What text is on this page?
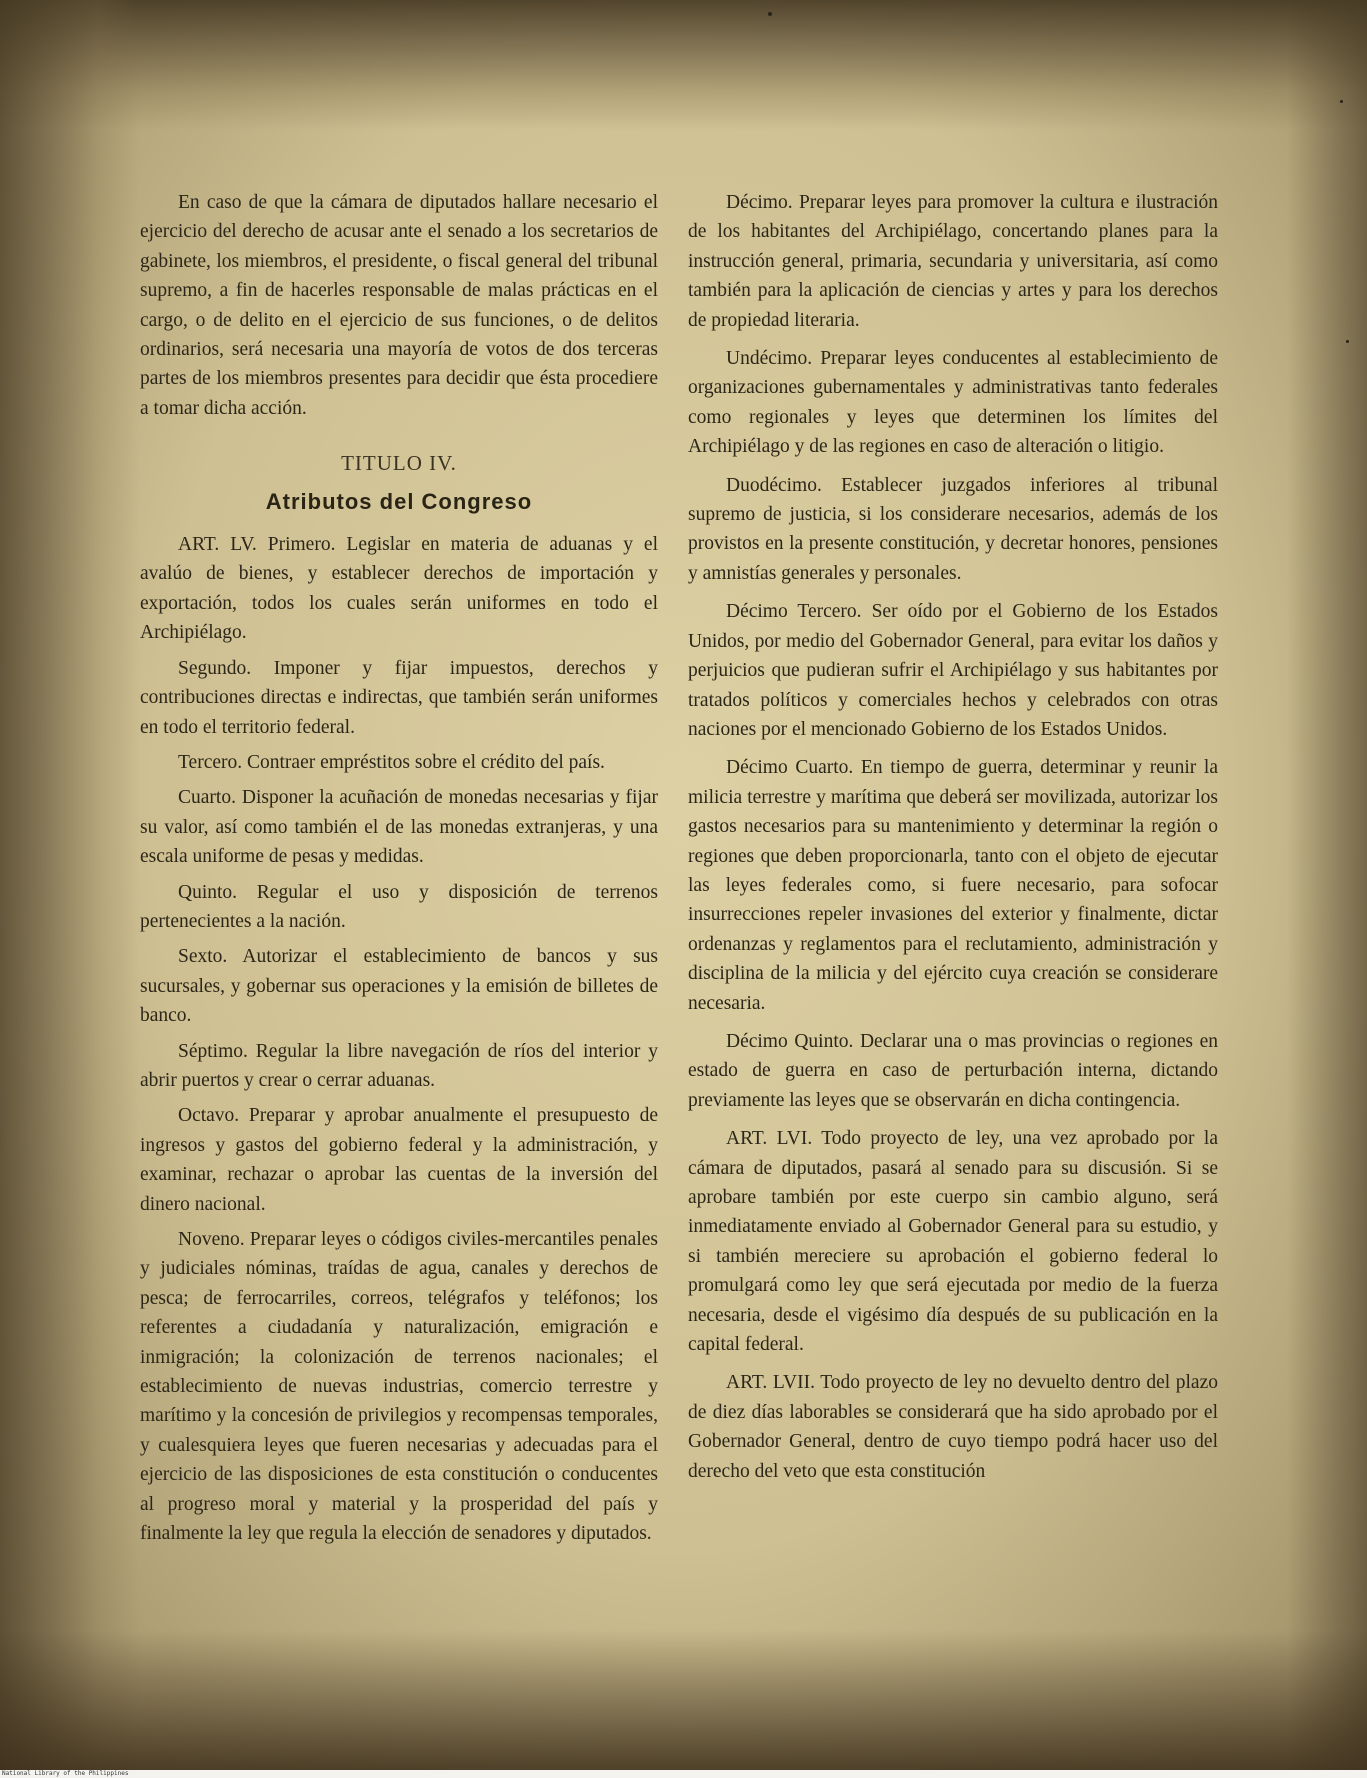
En caso de que la cámara de diputados hallare necesario el ejercicio del derecho de acusar ante el senado a los secretarios de gabinete, los miembros, el presidente, o fiscal general del tribunal supremo, a fin de hacerles responsable de malas prácticas en el cargo, o de delito en el ejercicio de sus funciones, o de delitos ordinarios, será necesaria una mayoría de votos de dos terceras partes de los miembros presentes para decidir que ésta procediere a tomar dicha acción.

TITULO IV.
Atributos del Congreso

ART. LV. Primero. Legislar en materia de aduanas y el avalúo de bienes, y establecer derechos de importación y exportación, todos los cuales serán uniformes en todo el Archipiélago.

Segundo. Imponer y fijar impuestos, derechos y contribuciones directas e indirectas, que también serán uniformes en todo el territorio federal.

Tercero. Contraer empréstitos sobre el crédito del país.

Cuarto. Disponer la acuñación de monedas necesarias y fijar su valor, así como también el de las monedas extranjeras, y una escala uniforme de pesas y medidas.

Quinto. Regular el uso y disposición de terrenos pertenecientes a la nación.

Sexto. Autorizar el establecimiento de bancos y sus sucursales, y gobernar sus operaciones y la emisión de billetes de banco.

Séptimo. Regular la libre navegación de ríos del interior y abrir puertos y crear o cerrar aduanas.

Octavo. Preparar y aprobar anualmente el presupuesto de ingresos y gastos del gobierno federal y la administración, y examinar, rechazar o aprobar las cuentas de la inversión del dinero nacional.

Noveno. Preparar leyes o códigos civiles-mercantiles penales y judiciales nóminas, traídas de agua, canales y derechos de pesca; de ferrocarriles, correos, telégrafos y teléfonos; los referentes a ciudadanía y naturalización, emigración e inmigración; la colonización de terrenos nacionales; el establecimiento de nuevas industrias, comercio terrestre y marítimo y la concesión de privilegios y recompensas temporales, y cualesquiera leyes que fueren necesarias y adecuadas para el ejercicio de las disposiciones de esta constitución o conducentes al progreso moral y material y la prosperidad del país y finalmente la ley que regula la elección de senadores y diputados.

Décimo. Preparar leyes para promover la cultura e ilustración de los habitantes del Archipiélago, concertando planes para la instrucción general, primaria, secundaria y universitaria, así como también para la aplicación de ciencias y artes y para los derechos de propiedad literaria.

Undécimo. Preparar leyes conducentes al establecimiento de organizaciones gubernamentales y administrativas tanto federales como regionales y leyes que determinen los límites del Archipiélago y de las regiones en caso de alteración o litigio.

Duodécimo. Establecer juzgados inferiores al tribunal supremo de justicia, si los considerare necesarios, además de los provistos en la presente constitución, y decretar honores, pensiones y amnistías generales y personales.

Décimo Tercero. Ser oído por el Gobierno de los Estados Unidos, por medio del Gobernador General, para evitar los daños y perjuicios que pudieran sufrir el Archipiélago y sus habitantes por tratados políticos y comerciales hechos y celebrados con otras naciones por el mencionado Gobierno de los Estados Unidos.

Décimo Cuarto. En tiempo de guerra, determinar y reunir la milicia terrestre y marítima que deberá ser movilizada, autorizar los gastos necesarios para su mantenimiento y determinar la región o regiones que deben proporcionarla, tanto con el objeto de ejecutar las leyes federales como, si fuere necesario, para sofocar insurrecciones repeler invasiones del exterior y finalmente, dictar ordenanzas y reglamentos para el reclutamiento, administración y disciplina de la milicia y del ejército cuya creación se considerare necesaria.

Décimo Quinto. Declarar una o mas provincias o regiones en estado de guerra en caso de perturbación interna, dictando previamente las leyes que se observarán en dicha contingencia.

ART. LVI. Todo proyecto de ley, una vez aprobado por la cámara de diputados, pasará al senado para su discusión. Si se aprobare también por este cuerpo sin cambio alguno, será inmediatamente enviado al Gobernador General para su estudio, y si también mereciere su aprobación el gobierno federal lo promulgará como ley que será ejecutada por medio de la fuerza necesaria, desde el vigésimo día después de su publicación en la capital federal.

ART. LVII. Todo proyecto de ley no devuelto dentro del plazo de diez días laborables se considerará que ha sido aprobado por el Gobernador General, dentro de cuyo tiempo podrá hacer uso del derecho del veto que esta constitución

National Library of the Philippines
